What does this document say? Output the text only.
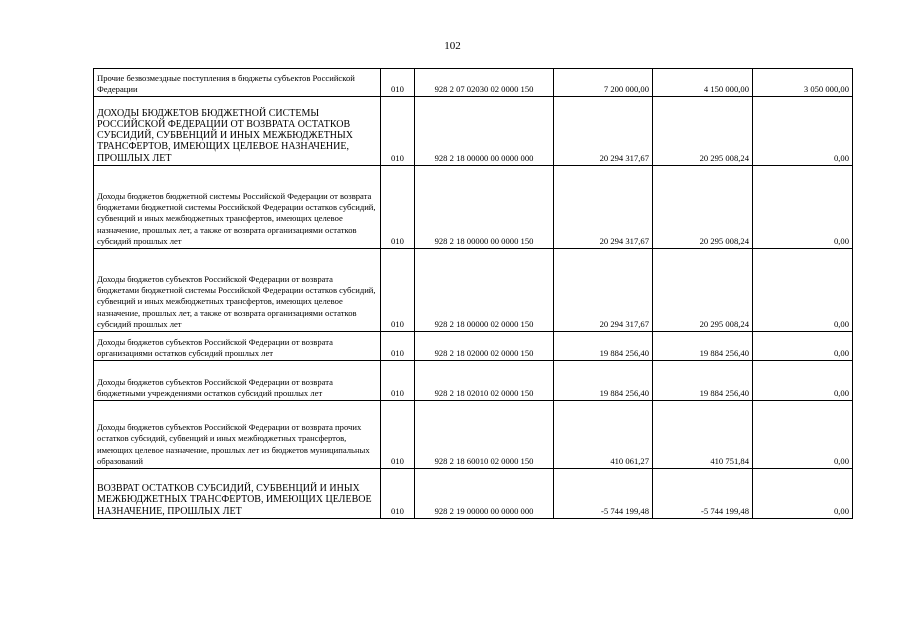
102
Прочие безвозмездные поступления в бюджеты субъектов Российской Федерации	010	928 2 07 02030 02 0000 150	7 200 000,00	4 150 000,00	3 050 000,00
ДОХОДЫ БЮДЖЕТОВ БЮДЖЕТНОЙ СИСТЕМЫ РОССИЙСКОЙ ФЕДЕРАЦИИ ОТ ВОЗВРАТА ОСТАТКОВ СУБСИДИЙ, СУБВЕНЦИЙ И ИНЫХ МЕЖБЮДЖЕТНЫХ ТРАНСФЕРТОВ, ИМЕЮЩИХ ЦЕЛЕВОЕ НАЗНАЧЕНИЕ, ПРОШЛЫХ ЛЕТ	010	928 2 18 00000 00 0000 000	20 294 317,67	20 295 008,24	0,00
Доходы бюджетов бюджетной системы Российской Федерации от возврата бюджетами бюджетной системы Российской Федерации остатков субсидий, субвенций и иных межбюджетных трансфертов, имеющих целевое назначение, прошлых лет, а также от возврата организациями остатков субсидий прошлых лет	010	928 2 18 00000 00 0000 150	20 294 317,67	20 295 008,24	0,00
Доходы бюджетов субъектов Российской Федерации от возврата бюджетами бюджетной системы Российской Федерации остатков субсидий, субвенций и иных межбюджетных трансфертов, имеющих целевое назначение, прошлых лет, а также от возврата организациями остатков субсидий прошлых лет	010	928 2 18 00000 02 0000 150	20 294 317,67	20 295 008,24	0,00
Доходы бюджетов субъектов Российской Федерации от возврата организациями остатков субсидий прошлых лет	010	928 2 18 02000 02 0000 150	19 884 256,40	19 884 256,40	0,00
Доходы бюджетов субъектов Российской Федерации от возврата бюджетными учреждениями остатков субсидий прошлых лет	010	928 2 18 02010 02 0000 150	19 884 256,40	19 884 256,40	0,00
Доходы бюджетов субъектов Российской Федерации от возврата прочих остатков субсидий, субвенций и иных межбюджетных трансфертов, имеющих целевое назначение, прошлых лет из бюджетов муниципальных образований	010	928 2 18 60010 02 0000 150	410 061,27	410 751,84	0,00
ВОЗВРАТ ОСТАТКОВ СУБСИДИЙ, СУБВЕНЦИЙ И ИНЫХ МЕЖБЮДЖЕТНЫХ ТРАНСФЕРТОВ, ИМЕЮЩИХ ЦЕЛЕВОЕ НАЗНАЧЕНИЕ, ПРОШЛЫХ ЛЕТ	010	928 2 19 00000 00 0000 000	-5 744 199,48	-5 744 199,48	0,00
